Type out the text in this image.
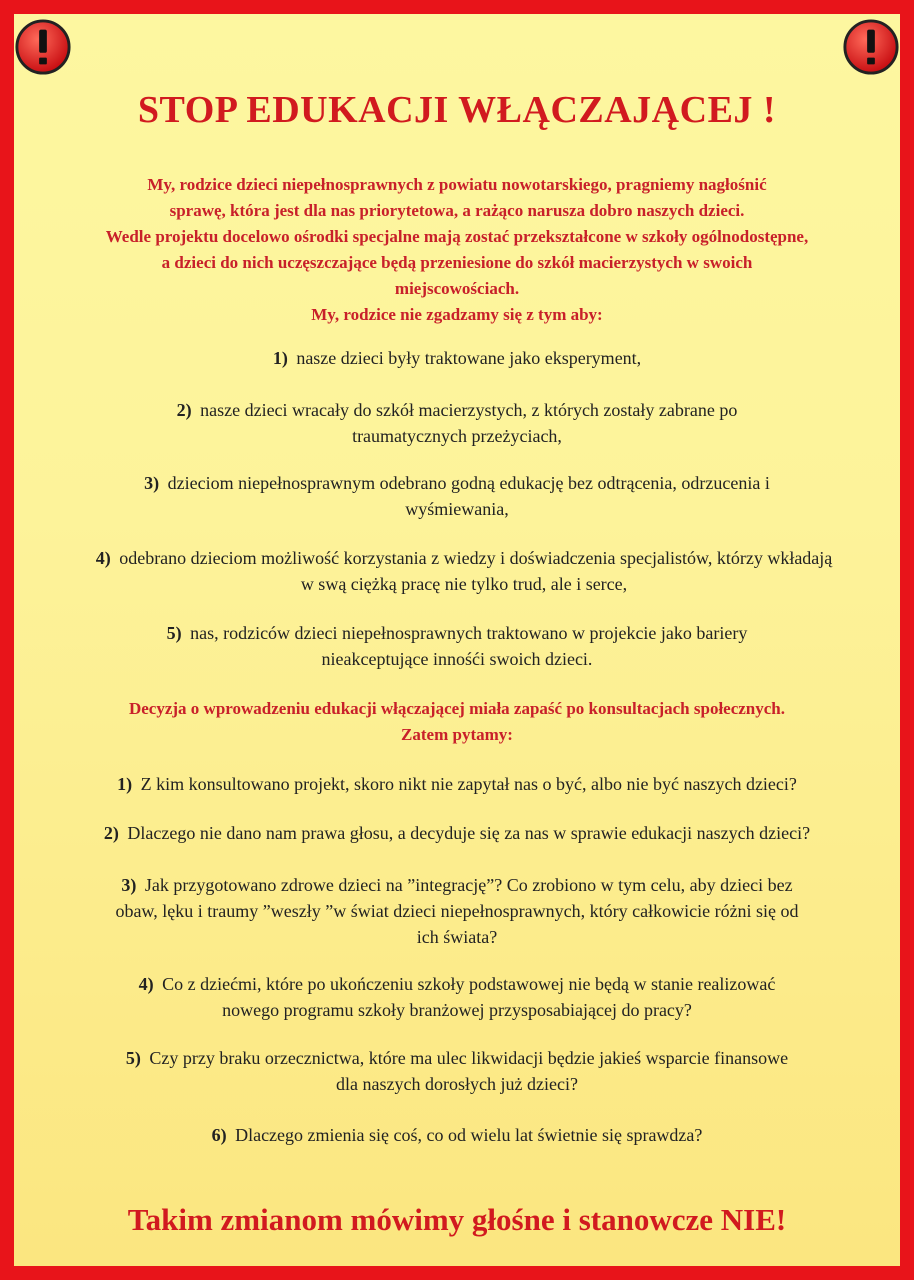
STOP EDUKACJI WŁĄCZAJĄCEJ !
My, rodzice dzieci niepełnosprawnych z powiatu nowotarskiego, pragniemy nagłośnić
sprawę, która jest dla nas priorytetowa, a rażąco narusza dobro naszych dzieci.
Wedle projektu docelowo ośrodki specjalne mają zostać przekształcone w szkoły ogólnodostępne,
a dzieci do nich uczęszczające będą przeniesione do szkół macierzystych w swoich
miejscowościach.
My, rodzice nie zgadzamy się z tym aby:
1) nasze dzieci były traktowane jako eksperyment,
2) nasze dzieci wracały do szkół macierzystych, z których zostały zabrane po
traumatycznych przeżyciach,
3) dzieciom niepełnosprawnym odebrano godną edukację bez odtrącenia, odrzucenia i
wyśmiewania,
4) odebrano dzieciom możliwość korzystania z wiedzy i doświadczenia specjalistów, którzy wkładają
w swą ciężką pracę nie tylko trud, ale i serce,
5) nas, rodziców dzieci niepełnosprawnych traktowano w projekcie jako bariery
nieakceptujące innośći swoich dzieci.
Decyzja o wprowadzeniu edukacji włączającej miała zapaść po konsultacjach społecznych.
Zatem pytamy:
1) Z kim konsultowano projekt, skoro nikt nie zapytał nas o być, albo nie być naszych dzieci?
2) Dlaczego nie dano nam prawa głosu, a decyduje się za nas w sprawie edukacji naszych dzieci?
3) Jak przygotowano zdrowe dzieci na ”integrację”? Co zrobiono w tym celu, aby dzieci bez
obaw, lęku i traumy ”weszły ”w świat dzieci niepełnosprawnych, który całkowicie różni się od
ich świata?
4) Co z dziećmi, które po ukończeniu szkoły podstawowej nie będą w stanie realizować
nowego programu szkoły branżowej przysposabiającej do pracy?
5) Czy przy braku orzecznictwa, które ma ulec likwidacji będzie jakieś wsparcie finansowe
dla naszych dorosłych już dzieci?
6) Dlaczego zmienia się coś, co od wielu lat świetnie się sprawdza?
Takim zmianom mówimy głośne i stanowcze NIE!
